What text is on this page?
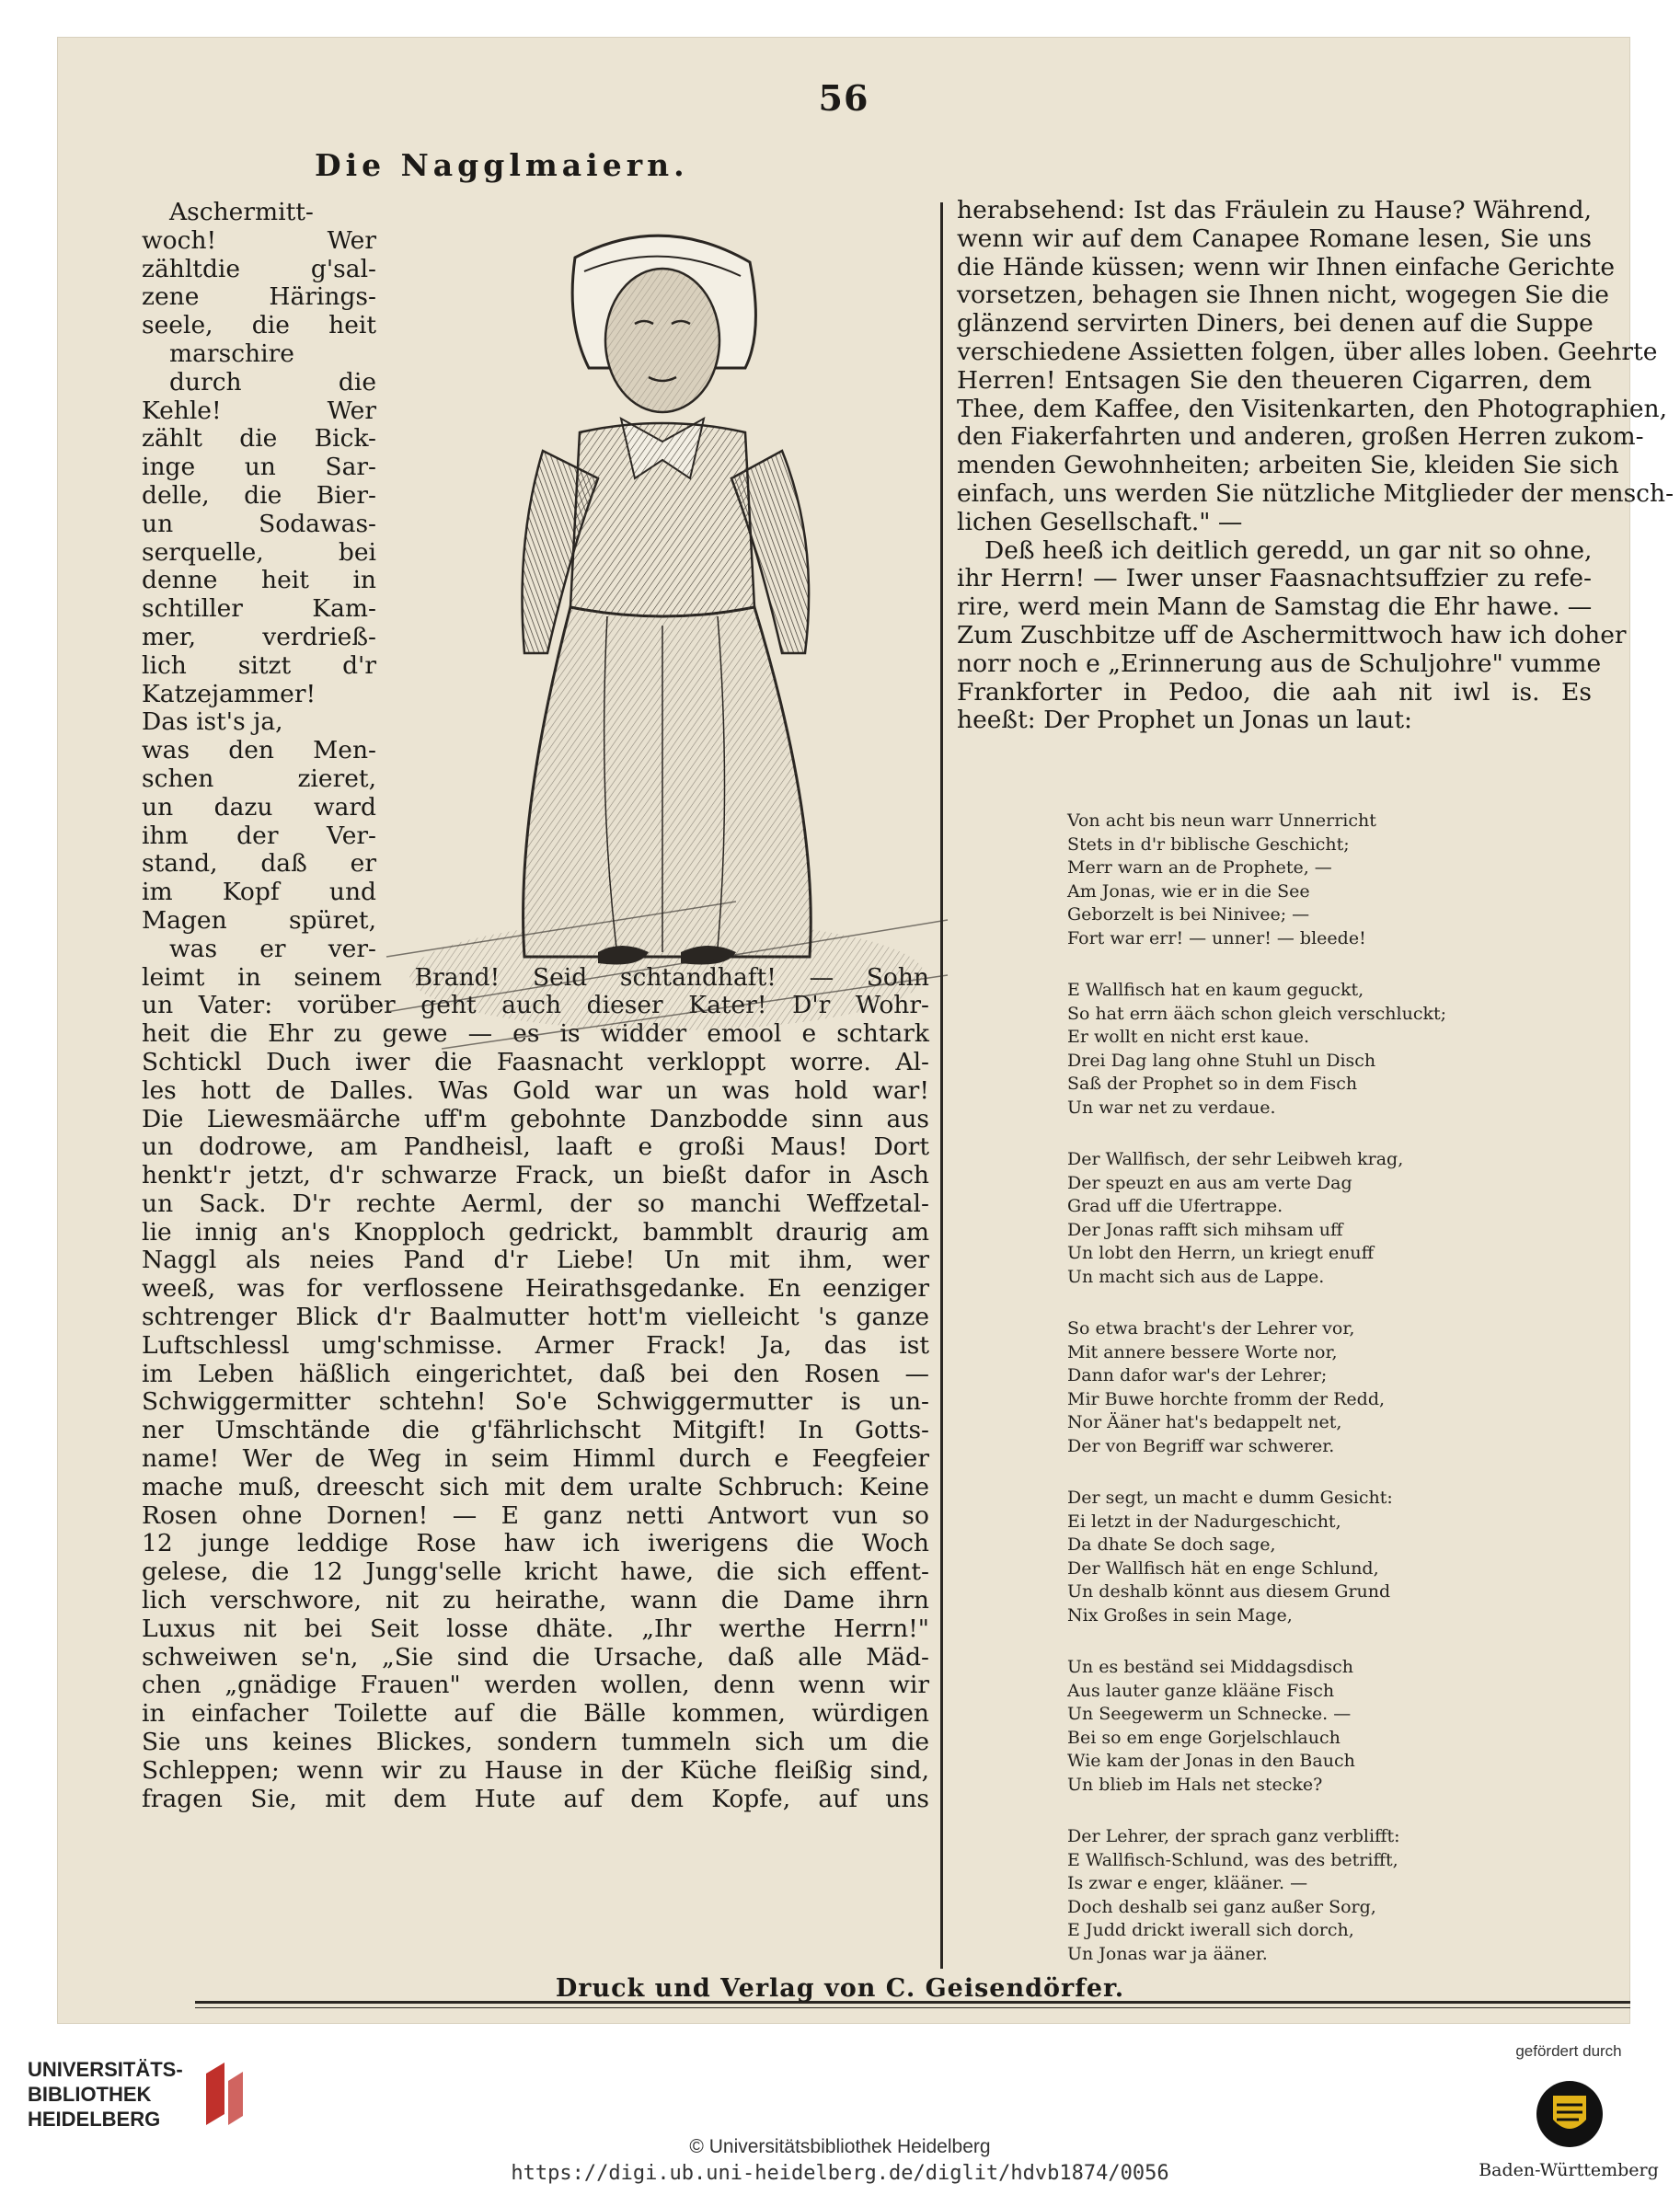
56
Die Nagglmaiern.
Aschermitt-
woch! Wer
zähltdie g'sal-
zene Härings-
seele, die heit
marschire
durch die
Kehle! Wer
zählt die Bick-
inge un Sar-
delle, die Bier-
un Sodawas-
serquelle, bei
denne heit in
schtiller Kam-
mer, verdrieß-
lich sitzt d'r
Katzejammer!
Das ist's ja,
was den Men-
schen zieret,
un dazu ward
ihm der Ver-
stand, daß er
im Kopf und
Magen spüret,
was er ver-
leimt in seinem Brand! Seid schtandhaft! — Sohn
un Vater: vorüber geht auch dieser Kater! D'r Wohr-
heit die Ehr zu gewe — es is widder emool e schtark
Schtickl Duch iwer die Faasnacht verkloppt worre. Al-
les hott de Dalles. Was Gold war un was hold war!
Die Liewesmäärche uff'm gebohnte Danzbodde sinn aus
un dodrowe, am Pandheisl, laaft e großi Maus! Dort
henkt'r jetzt, d'r schwarze Frack, un bießt dafor in Asch
un Sack. D'r rechte Aerml, der so manchi Weffzetal-
lie innig an's Knopploch gedrickt, bammblt draurig am
Naggl als neies Pand d'r Liebe! Un mit ihm, wer
weeß, was for verflossene Heirathsgedanke. En eenziger
schtrenger Blick d'r Baalmutter hott'm vielleicht 's ganze
Luftschlessl umg'schmisse. Armer Frack! Ja, das ist
im Leben häßlich eingerichtet, daß bei den Rosen —
Schwiggermitter schtehn! So'e Schwiggermutter is un-
ner Umschtände die g'fährlichscht Mitgift! In Gotts-
name! Wer de Weg in seim Himml durch e Feegfeier
mache muß, dreescht sich mit dem uralte Schbruch: Keine
Rosen ohne Dornen! — E ganz netti Antwort vun so
12 junge leddige Rose haw ich iwerigens die Woch
gelese, die 12 Jungg'selle kricht hawe, die sich effent-
lich verschwore, nit zu heirathe, wann die Dame ihrn
Luxus nit bei Seit losse dhäte. „Ihr werthe Herrn!"
schweiwen se'n, „Sie sind die Ursache, daß alle Mäd-
chen „gnädige Frauen" werden wollen, denn wenn wir
in einfacher Toilette auf die Bälle kommen, würdigen
Sie uns keines Blickes, sondern tummeln sich um die
Schleppen; wenn wir zu Hause in der Küche fleißig sind,
fragen Sie, mit dem Hute auf dem Kopfe, auf uns
herabsehend: Ist das Fräulein zu Hause? Während,
wenn wir auf dem Canapee Romane lesen, Sie uns
die Hände küssen; wenn wir Ihnen einfache Gerichte
vorsetzen, behagen sie Ihnen nicht, wogegen Sie die
glänzend servirten Diners, bei denen auf die Suppe
verschiedene Assietten folgen, über alles loben. Geehrte
Herren! Entsagen Sie den theueren Cigarren, dem
Thee, dem Kaffee, den Visitenkarten, den Photographien,
den Fiakerfahrten und anderen, großen Herren zukom-
menden Gewohnheiten; arbeiten Sie, kleiden Sie sich
einfach, uns werden Sie nützliche Mitglieder der mensch-
lichen Gesellschaft." —
Deß heeß ich deitlich geredd, un gar nit so ohne,
ihr Herrn! — Iwer unser Faasnachtsuffziег zu refe-
rire, werd mein Mann de Samstag die Ehr hawe. —
Zum Zuschbitze uff de Aschermittwoch haw ich doher
norr noch e „Erinnerung aus de Schuljohre" vumme
Frankforter in Pedoo, die aah nit iwl is. Es
heeßt: Der Prophet un Jonas un laut:
Von acht bis neun warr Unnerricht
Stets in d'r biblische Geschicht;
Merr warn an de Prophete, —
Am Jonas, wie er in die See
Geborzelt is bei Ninivee; —
Fort war err! — unner! — bleede!
E Wallfisch hat en kaum geguckt,
So hat errn ääch schon gleich verschluckt;
Er wollt en nicht erst kaue.
Drei Dag lang ohne Stuhl un Disch
Saß der Prophet so in dem Fisch
Un war net zu verdaue.
Der Wallfisch, der sehr Leibweh krag,
Der speuzt en aus am verte Dag
Grad uff die Ufertrappe.
Der Jonas rafft sich mihsam uff
Un lobt den Herrn, un kriegt enuff
Un macht sich aus de Lappe.
So etwa bracht's der Lehrer vor,
Mit annere bessere Worte nor,
Dann dafor war's der Lehrer;
Mir Buwe horchte fromm der Redd,
Nor Ääner hat's bedappelt net,
Der von Begriff war schwerer.
Der segt, un macht e dumm Gesicht:
Ei letzt in der Nadurgeschicht,
Da dhate Se doch sage,
Der Wallfisch hät en enge Schlund,
Un deshalb könnt aus diesem Grund
Nix Großes in sein Mage,
Un es beständ sei Middagsdisch
Aus lauter ganze klääne Fisch
Un Seegewerm un Schnecke. —
Bei so em enge Gorjelschlauch
Wie kam der Jonas in den Bauch
Un blieb im Hals net stecke?
Der Lehrer, der sprach ganz verblifft:
E Wallfisch-Schlund, was des betrifft,
Is zwar e enger, klääner. —
Doch deshalb sei ganz außer Sorg,
E Judd drickt iwerall sich dorch,
Un Jonas war ja ääner.
Druck und Verlag von C. Geisendörfer.
UNIVERSITÄTS-BIBLIOTHEK HEIDELBERG
gefördert durch
Baden-Württemberg
© Universitätsbibliothek Heidelberg
https://digi.ub.uni-heidelberg.de/diglit/hdvb1874/0056
